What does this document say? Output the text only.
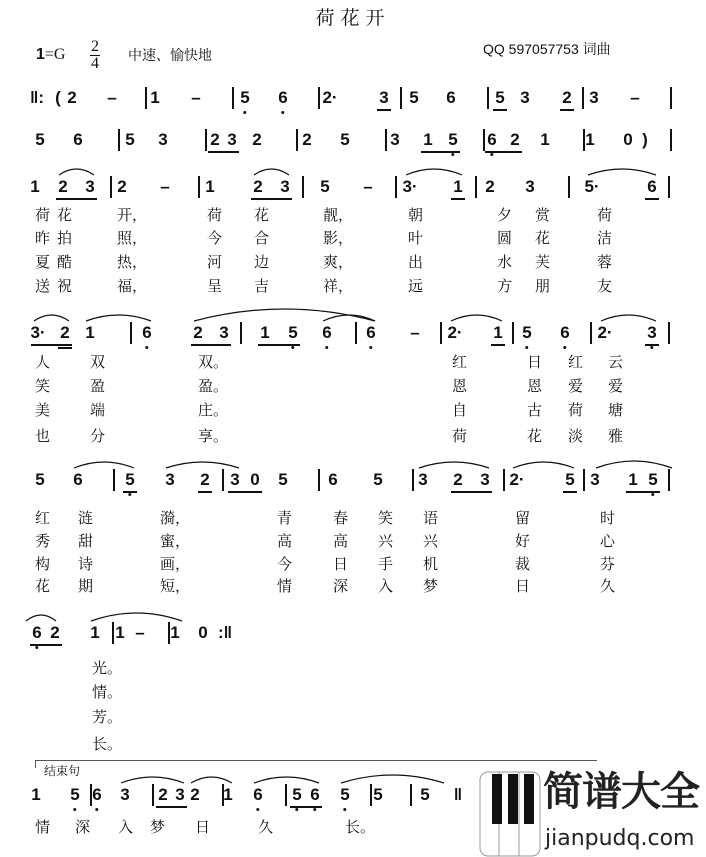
荷花开
1=G 2
4 中速、愉快地	QQ 597057753 词曲
‖: ( 2 – 1 – 5 6 2· 3 5 6 5 3 2 3 –
5 6	5 3	2 3 2 2 5 3 1 5 6 2 1 1 0 )
1 2 3 2 – 1 2 3 5 – 3· 1 2 3	5·	6
荷 花	开，	荷 花	靓，	朝	夕 赏	荷
昨 拍	照，	今 合	影，	叶	圆 花	洁
夏 酷	热，	河 边	爽，	出	水 芙	蓉
送 祝	福，	呈 吉	祥，	远	方 朋	友
3· 2 1	6 2 3 1 5 6 6 – 2· 1 5 6 2· 3
人	双	双。	红	日 红 云
笑	盈	盈。	恩	恩 爱 爱
美	端	庄。	自	古 荷 塘
也	分	享。	荷	花 淡 雅
5 6	5 3 2 3 0 5 6 5 3 2 3 2· 5 3 1 5
红 涟	漪，	青	春 笑 语	留	时
秀 甜	蜜，	高	高 兴 兴	好	心
构 诗	画，	今	日 手 机	裁	芬
花 期	短，	情	深 入 梦	日	久
6 2 1 1 – 1 0 :‖
光。
情。
芳。
长。
1 5 6 3 2 3 2 1 6 5 6 5 5 5 ‖
情 深 入 梦 日	久	长。
结束句	简谱大全
jianpudq.com
